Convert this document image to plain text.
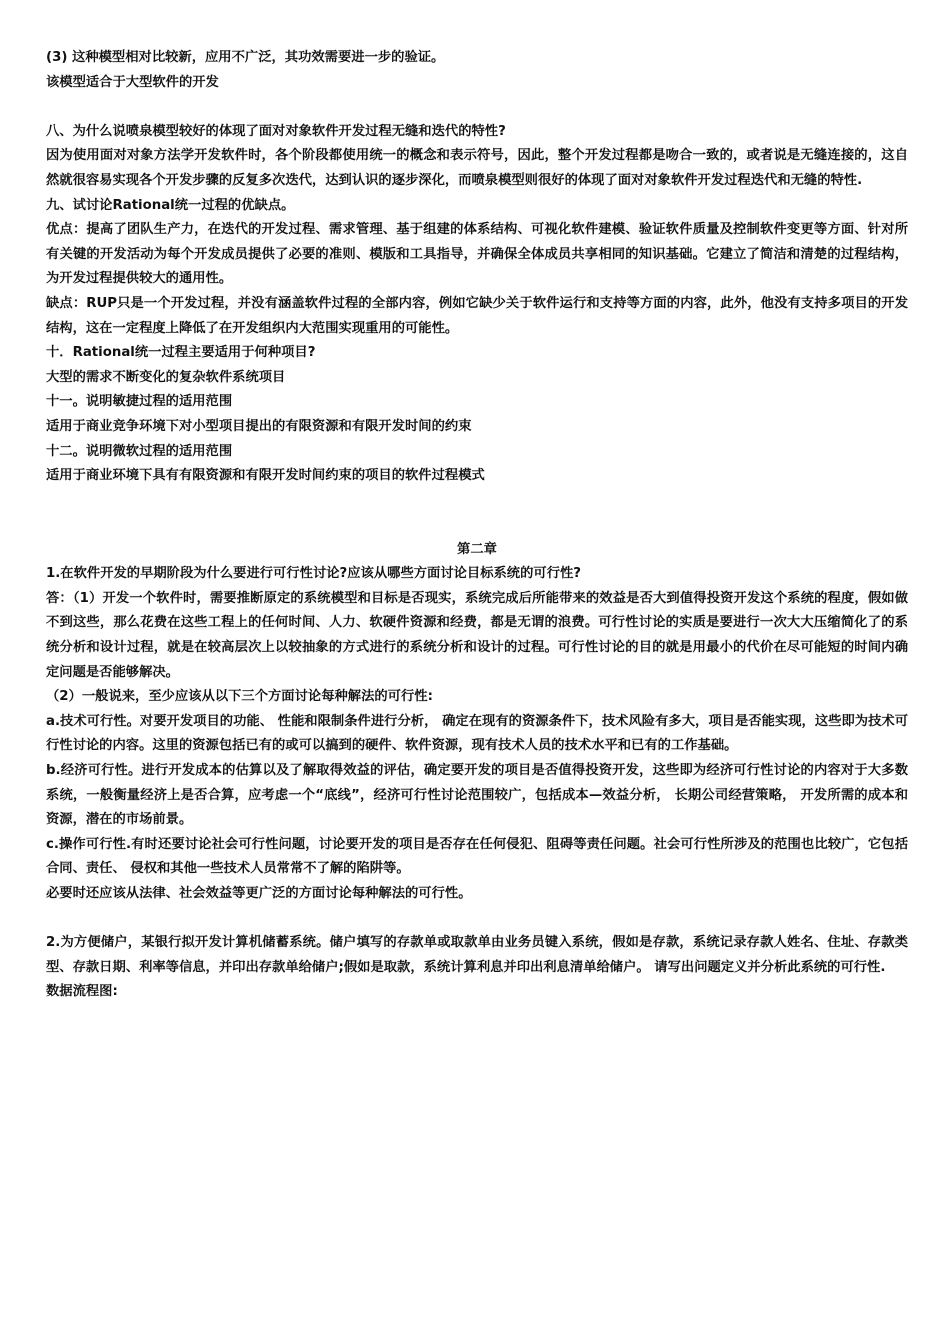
(3) 这种模型相对比较新，应用不广泛，其功效需要进一步的验证。

该模型适合于大型软件的开发

八、为什么说喷泉模型较好的体现了面对对象软件开发过程无缝和迭代的特性?

因为使用面对对象方法学开发软件时，各个阶段都使用统一的概念和表示符号，因此，整个开发过程都是吻合一致的，或者说是无缝连接的，这自然就很容易实现各个开发步骤的反复多次迭代，达到认识的逐步深化，而喷泉模型则很好的体现了面对对象软件开发过程迭代和无缝的特性.

九、试讨论Rational统一过程的优缺点。

优点：提高了团队生产力，在迭代的开发过程、需求管理、基于组建的体系结构、可视化软件建模、验证软件质量及控制软件变更等方面、针对所有关键的开发活动为每个开发成员提供了必要的准则、模版和工具指导，并确保全体成员共享相同的知识基础。它建立了简洁和清楚的过程结构，为开发过程提供较大的通用性。

缺点：RUP只是一个开发过程，并没有涵盖软件过程的全部内容，例如它缺少关于软件运行和支持等方面的内容，此外，他没有支持多项目的开发结构，这在一定程度上降低了在开发组织内大范围实现重用的可能性。

十．Rational统一过程主要适用于何种项目?

大型的需求不断变化的复杂软件系统项目

十一。说明敏捷过程的适用范围

适用于商业竞争环境下对小型项目提出的有限资源和有限开发时间的约束

十二。说明微软过程的适用范围

适用于商业环境下具有有限资源和有限开发时间约束的项目的软件过程模式

第二章

1.在软件开发的早期阶段为什么要进行可行性讨论?应该从哪些方面讨论目标系统的可行性?

答：（1）开发一个软件时，需要推断原定的系统模型和目标是否现实，系统完成后所能带来的效益是否大到值得投资开发这个系统的程度，假如做不到这些，那么花费在这些工程上的任何时间、人力、软硬件资源和经费，都是无谓的浪费。可行性讨论的实质是要进行一次大大压缩简化了的系统分析和设计过程，就是在较高层次上以较抽象的方式进行的系统分析和设计的过程。可行性讨论的目的就是用最小的代价在尽可能短的时间内确定问题是否能够解决。

（2）一般说来，至少应该从以下三个方面讨论每种解法的可行性:

a.技术可行性。对要开发项目的功能、 性能和限制条件进行分析， 确定在现有的资源条件下，技术风险有多大，项目是否能实现，这些即为技术可行性讨论的内容。这里的资源包括已有的或可以搞到的硬件、软件资源，现有技术人员的技术水平和已有的工作基础。

b.经济可行性。进行开发成本的估算以及了解取得效益的评估，确定要开发的项目是否值得投资开发，这些即为经济可行性讨论的内容对于大多数系统，一般衡量经济上是否合算，应考虑一个“底线”，经济可行性讨论范围较广，包括成本—效益分析， 长期公司经营策略， 开发所需的成本和资源，潜在的市场前景。

c.操作可行性.有时还要讨论社会可行性问题，讨论要开发的项目是否存在任何侵犯、阻碍等责任问题。社会可行性所涉及的范围也比较广，它包括合同、责任、 侵权和其他一些技术人员常常不了解的陷阱等。

必要时还应该从法律、社会效益等更广泛的方面讨论每种解法的可行性。

2.为方便储户，某银行拟开发计算机储蓄系统。储户填写的存款单或取款单由业务员键入系统，假如是存款，系统记录存款人姓名、住址、存款类型、存款日期、利率等信息，并印出存款单给储户;假如是取款，系统计算利息并印出利息清单给储户。 请写出问题定义并分析此系统的可行性.

数据流程图:
